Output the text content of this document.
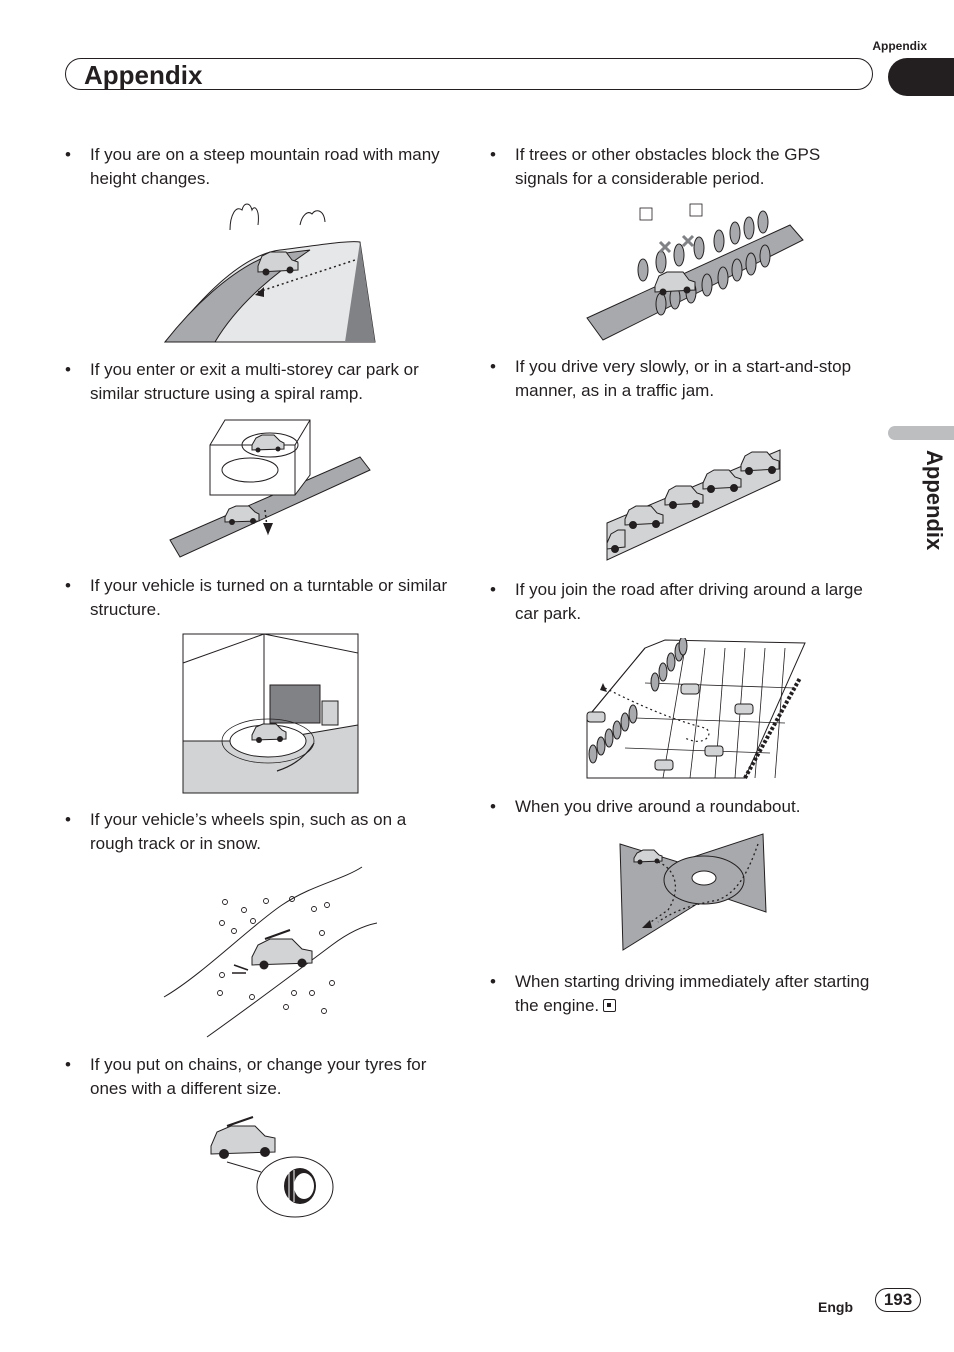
Appendix
Appendix
Appendix
• If you are on a steep mountain road with many height changes.
• If you enter or exit a multi-storey car park or similar structure using a spiral ramp.
• If your vehicle is turned on a turntable or similar structure.
• If your vehicle’s wheels spin, such as on a rough track or in snow.
• If you put on chains, or change your tyres for ones with a different size.
• If trees or other obstacles block the GPS signals for a considerable period.
• If you drive very slowly, or in a start-and-stop manner, as in a traffic jam.
• If you join the road after driving around a large car park.
• When you drive around a roundabout.
• When starting driving immediately after starting the engine.
Engb	193
